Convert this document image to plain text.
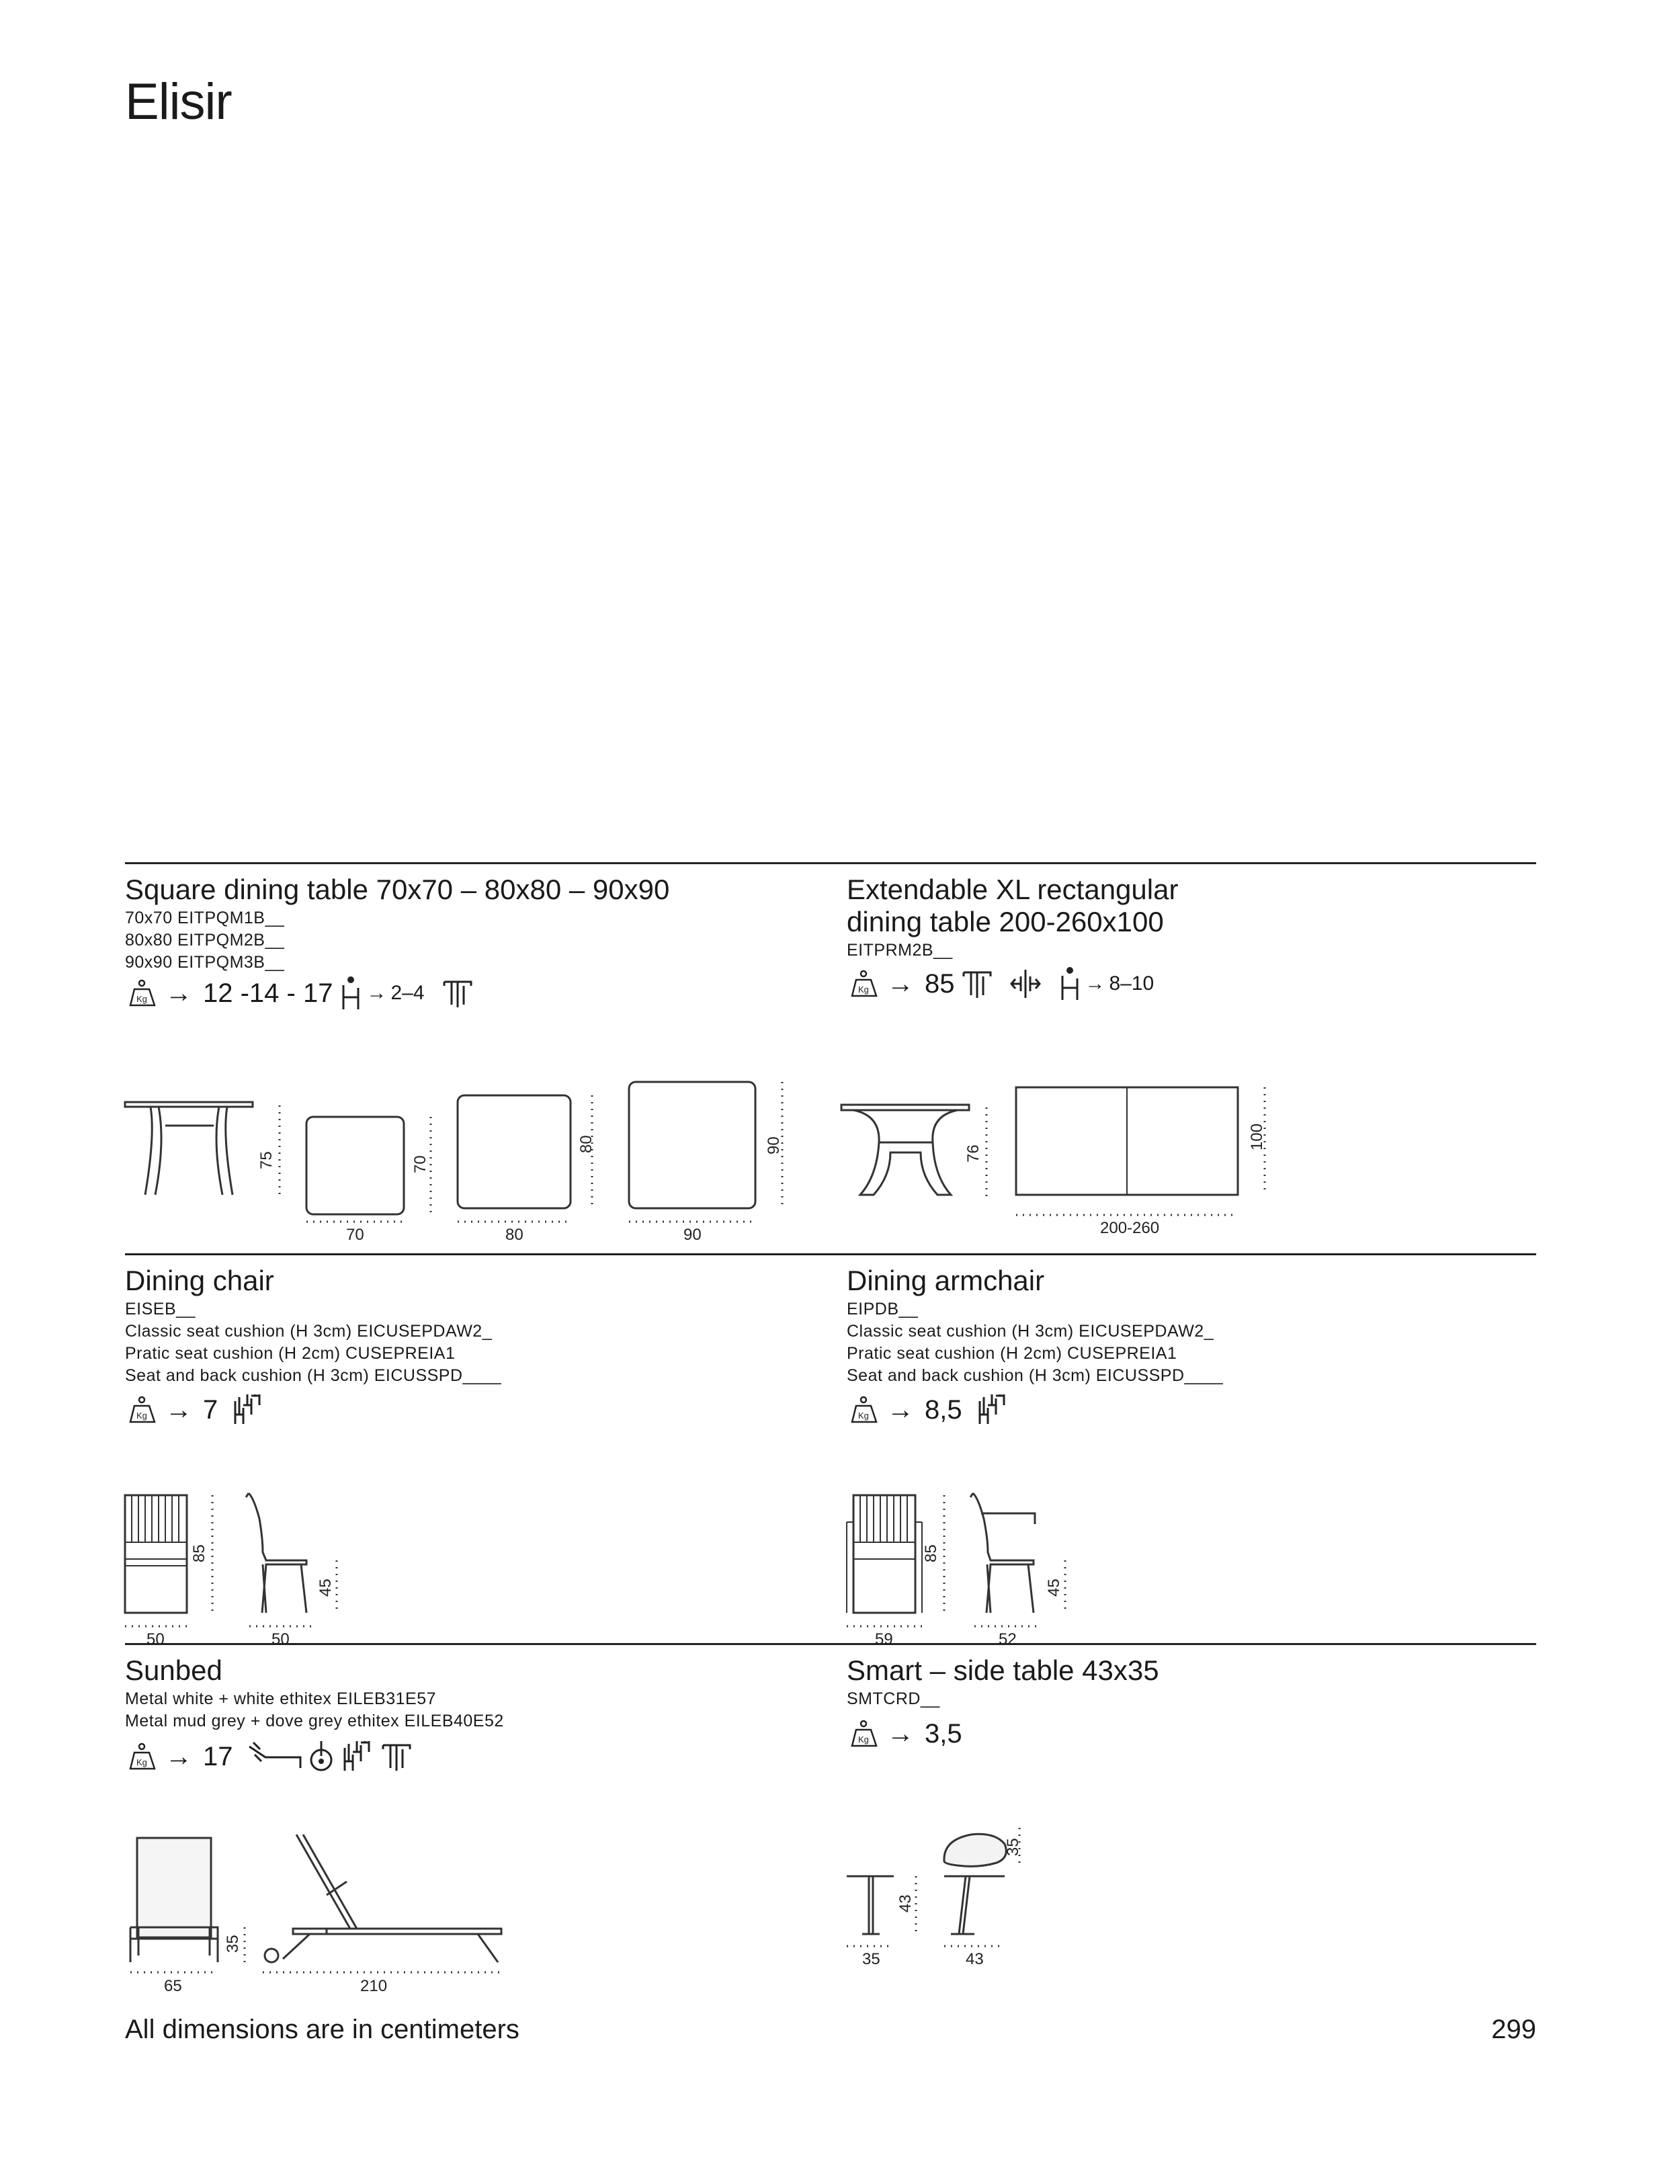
Elisir
Square dining table 70x70 – 80x80 – 90x90
70x70 EITPQM1B__
80x80 EITPQM2B__
90x90 EITPQM3B__
Kg → 12 -14 - 17 → 2–4
75
70
70
80
80
90
90
Extendable XL rectangular
dining table 200-260x100
EITPRM2B__
Kg → 85	→ 8–10
76
200-260
100
Dining chair
EISEB__
Classic seat cushion (H 3cm) EICUSEPDAW2_
Pratic seat cushion (H 2cm) CUSEPREIA1
Seat and back cushion (H 3cm) EICUSSPD____
Kg → 7
85
50
45
50
Dining armchair
EIPDB__
Classic seat cushion (H 3cm) EICUSEPDAW2_
Pratic seat cushion (H 2cm) CUSEPREIA1
Seat and back cushion (H 3cm) EICUSSPD____
Kg → 8,5
85
59
45
52
Sunbed
Metal white + white ethitex EILEB31E57
Metal mud grey + dove grey ethitex EILEB40E52
Kg → 17
35
65	210
Smart – side table 43x35
SMTCRD__
Kg → 3,5
43
35
35
43
All dimensions are in centimeters	299
